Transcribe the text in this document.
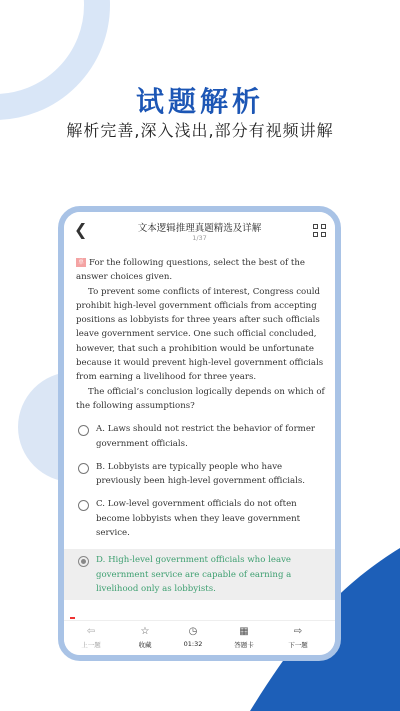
试题解析
解析完善,深入浅出,部分有视频讲解
❮	文本逻辑推理真题精选及详解
1/37

单 For the following questions, select the best of the answer choices given.

To prevent some conflicts of interest, Congress could prohibit high-level government officials from accepting positions as lobbyists for three years after such officials leave government service. One such official concluded, however, that such a prohibition would be unfortunate because it would prevent high-level government officials from earning a livelihood for three years.

The official’s conclusion logically depends on which of the following assumptions?

A. Laws should not restrict the behavior of former government officials.
B. Lobbyists are typically people who have previously been high-level government officials.
C. Low-level government officials do not often become lobbyists when they leave government service.
D. High-level government officials who leave government service are capable of earning a livelihood only as lobbyists.
⇦
上一题
☆
收藏
◷
01:32
▦
答题卡
⇨
下一题
